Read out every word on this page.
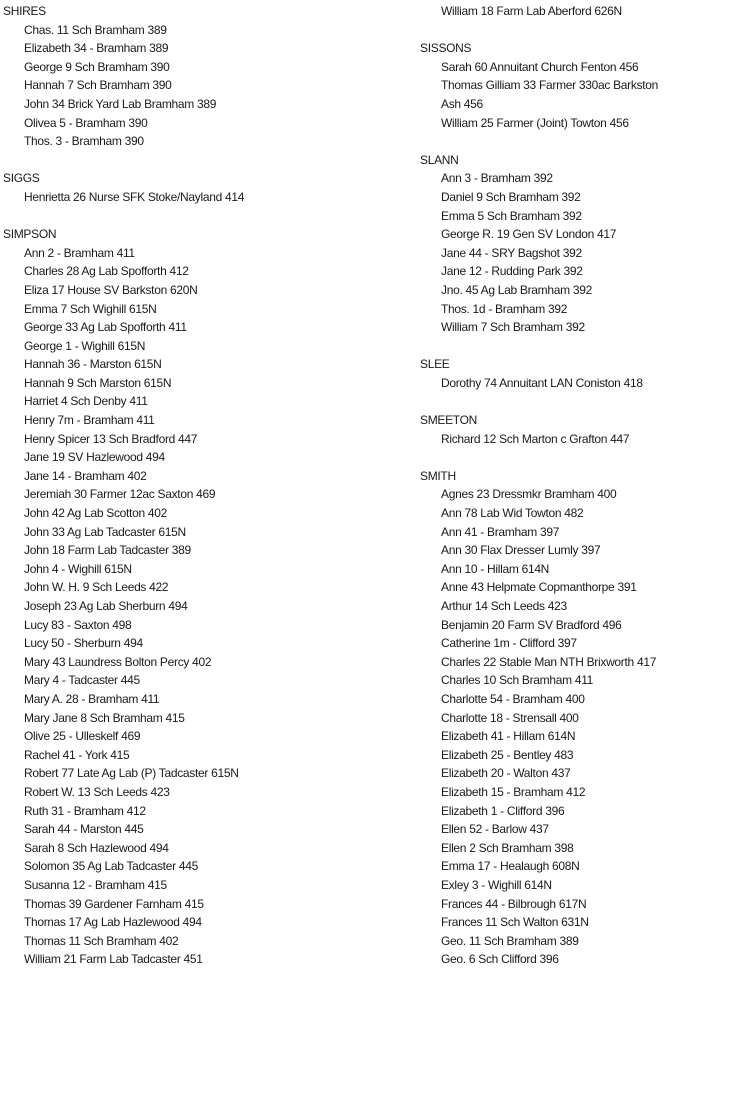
SHIRES
Chas. 11 Sch Bramham 389
Elizabeth 34 - Bramham 389
George 9 Sch Bramham 390
Hannah 7 Sch Bramham 390
John 34 Brick Yard Lab Bramham 389
Olivea 5 - Bramham 390
Thos. 3 - Bramham 390
SIGGS
Henrietta 26 Nurse SFK Stoke/Nayland 414
SIMPSON
Ann 2 - Bramham 411
Charles 28 Ag Lab Spofforth 412
Eliza 17 House SV Barkston 620N
Emma 7 Sch Wighill 615N
George 33 Ag Lab Spofforth 411
George 1 - Wighill 615N
Hannah 36 - Marston 615N
Hannah 9 Sch Marston 615N
Harriet 4 Sch Denby 411
Henry 7m - Bramham 411
Henry Spicer 13 Sch Bradford 447
Jane 19 SV Hazlewood 494
Jane 14 - Bramham 402
Jeremiah 30 Farmer 12ac Saxton 469
John 42 Ag Lab Scotton 402
John 33 Ag Lab Tadcaster 615N
John 18 Farm Lab Tadcaster 389
John 4 - Wighill 615N
John W. H. 9 Sch Leeds 422
Joseph 23 Ag Lab Sherburn 494
Lucy 83 - Saxton 498
Lucy 50 - Sherburn 494
Mary 43 Laundress Bolton Percy 402
Mary 4 - Tadcaster 445
Mary A. 28 - Bramham 411
Mary Jane 8 Sch Bramham 415
Olive 25 - Ulleskelf 469
Rachel 41 - York 415
Robert 77 Late Ag Lab (P) Tadcaster 615N
Robert W. 13 Sch Leeds 423
Ruth 31 - Bramham 412
Sarah 44 - Marston 445
Sarah 8 Sch Hazlewood 494
Solomon 35 Ag Lab Tadcaster 445
Susanna 12 - Bramham 415
Thomas 39 Gardener Farnham 415
Thomas 17 Ag Lab Hazlewood 494
Thomas 11 Sch Bramham 402
William 21 Farm Lab Tadcaster 451
William 18 Farm Lab Aberford 626N
SISSONS
Sarah 60 Annuitant Church Fenton 456
Thomas Gilliam 33 Farmer 330ac Barkston
Ash 456
William 25 Farmer (Joint) Towton 456
SLANN
Ann 3 - Bramham 392
Daniel 9 Sch Bramham 392
Emma 5 Sch Bramham 392
George R. 19 Gen SV London 417
Jane 44 - SRY Bagshot 392
Jane 12 - Rudding Park 392
Jno. 45 Ag Lab Bramham 392
Thos. 1d - Bramham 392
William 7 Sch Bramham 392
SLEE
Dorothy 74 Annuitant LAN Coniston 418
SMEETON
Richard 12 Sch Marton c Grafton 447
SMITH
Agnes 23 Dressmkr Bramham 400
Ann 78 Lab Wid Towton 482
Ann 41 - Bramham 397
Ann 30 Flax Dresser Lumly 397
Ann 10 - Hillam 614N
Anne 43 Helpmate Copmanthorpe 391
Arthur 14 Sch Leeds 423
Benjamin 20 Farm SV Bradford 496
Catherine 1m - Clifford 397
Charles 22 Stable Man NTH Brixworth 417
Charles 10 Sch Bramham 411
Charlotte 54 - Bramham 400
Charlotte 18 - Strensall 400
Elizabeth 41 - Hillam 614N
Elizabeth 25 - Bentley 483
Elizabeth 20 - Walton 437
Elizabeth 15 - Bramham 412
Elizabeth 1 - Clifford 396
Ellen 52 - Barlow 437
Ellen 2 Sch Bramham 398
Emma 17 - Healaugh 608N
Exley 3 - Wighill 614N
Frances 44 - Bilbrough 617N
Frances 11 Sch Walton 631N
Geo. 11 Sch Bramham 389
Geo. 6 Sch Clifford 396
